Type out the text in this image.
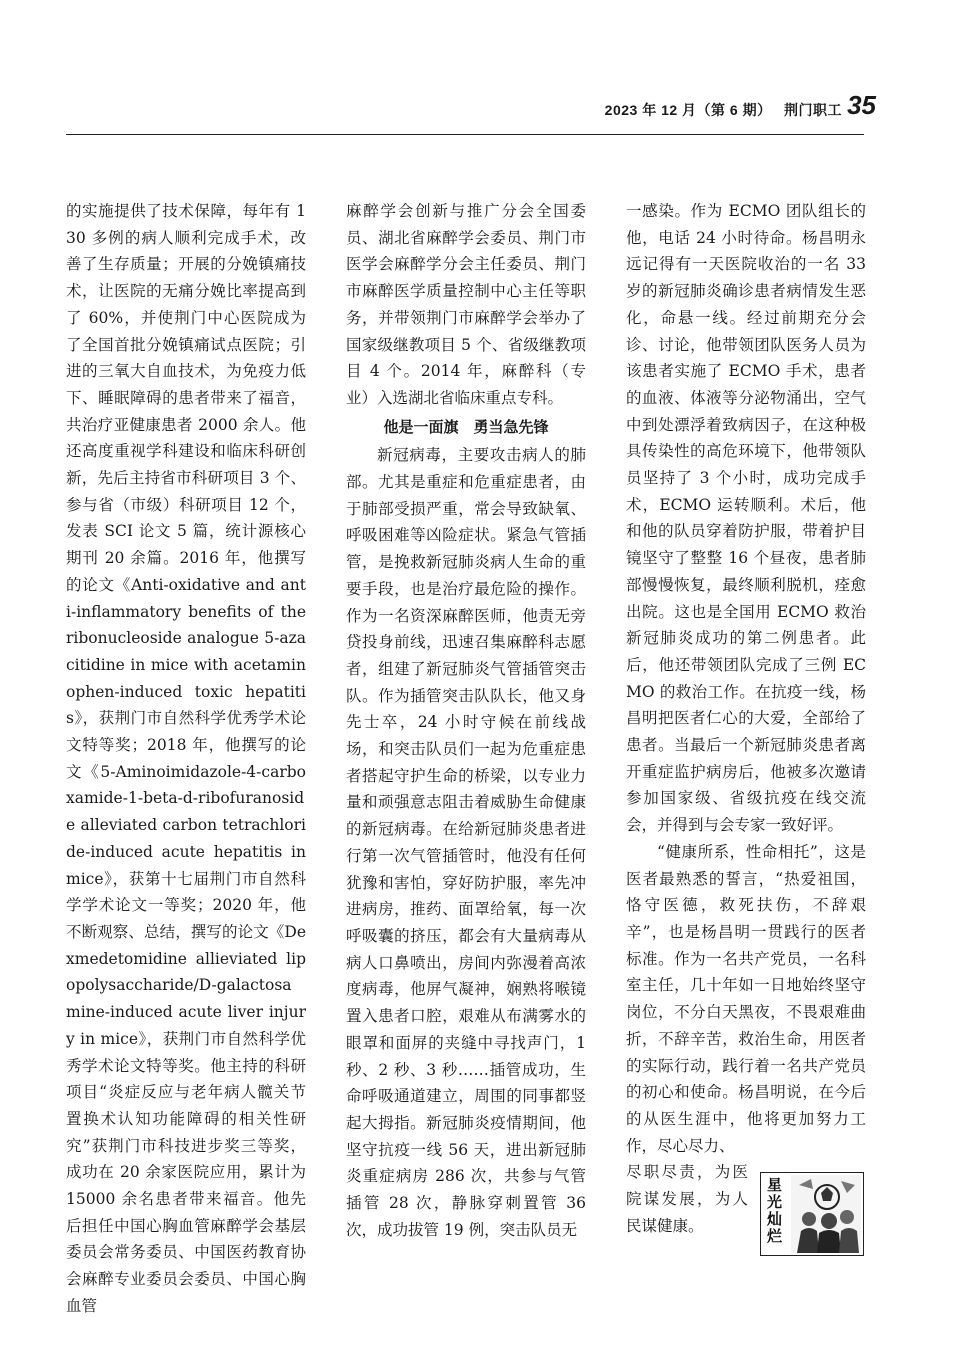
2023 年 12 月（第 6 期） 荆门职工 35

的实施提供了技术保障，每年有 130 多例的病人顺利完成手术，改善了生存质量；开展的分娩镇痛技术，让医院的无痛分娩比率提高到了 60%，并使荆门中心医院成为了全国首批分娩镇痛试点医院；引进的三氧大自血技术，为免疫力低下、睡眠障碍的患者带来了福音，共治疗亚健康患者 2000 余人。他还高度重视学科建设和临床科研创新，先后主持省市科研项目 3 个、参与省（市级）科研项目 12 个，发表 SCI 论文 5 篇，统计源核心期刊 20 余篇。2016 年，他撰写的论文《Anti-oxidative and anti-inflammatory benefits of the ribonucleoside analogue 5-azacitidine in mice with acetaminophen-induced toxic hepatitis》，获荆门市自然科学优秀学术论文特等奖；2018 年，他撰写的论文《5-Aminoimidazole-4-carboxamide-1-beta-d-ribofuranoside alleviated carbon tetrachloride-induced acute hepatitis in mice》，获第十七届荆门市自然科学学术论文一等奖；2020 年，他不断观察、总结，撰写的论文《Dexmedetomidine allieviated lipopolysaccharide/D-galactosamine-induced acute liver injury in mice》，获荆门市自然科学优秀学术论文特等奖。他主持的科研项目“炎症反应与老年病人髋关节置换术认知功能障碍的相关性研究”获荆门市科技进步奖三等奖，成功在 20 余家医院应用，累计为 15000 余名患者带来福音。他先后担任中国心胸血管麻醉学会基层委员会常务委员、中国医药教育协会麻醉专业委员会委员、中国心胸血管

麻醉学会创新与推广分会全国委员、湖北省麻醉学会委员、荆门市医学会麻醉学分会主任委员、荆门市麻醉医学质量控制中心主任等职务，并带领荆门市麻醉学会举办了国家级继教项目 5 个、省级继教项目 4 个。2014 年，麻醉科（专业）入选湖北省临床重点专科。

他是一面旗　勇当急先锋

新冠病毒，主要攻击病人的肺部。尤其是重症和危重症患者，由于肺部受损严重，常会导致缺氧、呼吸困难等凶险症状。紧急气管插管，是挽救新冠肺炎病人生命的重要手段，也是治疗最危险的操作。作为一名资深麻醉医师，他责无旁贷投身前线，迅速召集麻醉科志愿者，组建了新冠肺炎气管插管突击队。作为插管突击队队长，他又身先士卒，24 小时守候在前线战场，和突击队员们一起为危重症患者搭起守护生命的桥梁，以专业力量和顽强意志阻击着威胁生命健康的新冠病毒。在给新冠肺炎患者进行第一次气管插管时，他没有任何犹豫和害怕，穿好防护服，率先冲进病房，推药、面罩给氧，每一次呼吸囊的挤压，都会有大量病毒从病人口鼻喷出，房间内弥漫着高浓度病毒，他屏气凝神，娴熟将喉镜置入患者口腔，艰难从布满雾水的眼罩和面屏的夹缝中寻找声门，1 秒、2 秒、3 秒……插管成功，生命呼吸通道建立，周围的同事都竖起大拇指。新冠肺炎疫情期间，他坚守抗疫一线 56 天，进出新冠肺炎重症病房 286 次，共参与气管插管 28 次，静脉穿刺置管 36 次，成功拔管 19 例，突击队员无

一感染。作为 ECMO 团队组长的他，电话 24 小时待命。杨昌明永远记得有一天医院收治的一名 33 岁的新冠肺炎确诊患者病情发生恶化，命悬一线。经过前期充分会诊、讨论，他带领团队医务人员为该患者实施了 ECMO 手术，患者的血液、体液等分泌物涌出，空气中到处漂浮着致病因子，在这种极具传染性的高危环境下，他带领队员坚持了 3 个小时，成功完成手术，ECMO 运转顺利。术后，他和他的队员穿着防护服，带着护目镜坚守了整整 16 个昼夜，患者肺部慢慢恢复，最终顺利脱机，痊愈出院。这也是全国用 ECMO 救治新冠肺炎成功的第二例患者。此后，他还带领团队完成了三例 ECMO 的救治工作。在抗疫一线，杨昌明把医者仁心的大爱，全部给了患者。当最后一个新冠肺炎患者离开重症监护病房后，他被多次邀请参加国家级、省级抗疫在线交流会，并得到与会专家一致好评。

“健康所系，性命相托”，这是医者最熟悉的誓言，“热爱祖国，恪守医德，救死扶伤，不辞艰辛”，也是杨昌明一贯践行的医者标准。作为一名共产党员，一名科室主任，几十年如一日地始终坚守岗位，不分白天黑夜，不畏艰难曲折，不辞辛苦，救治生命，用医者的实际行动，践行着一名共产党员的初心和使命。杨昌明说，在今后的从医生涯中，他将更加努力工作，尽心尽力、

尽职尽责，为医院谋发展，为人民谋健康。

星光灿烂
